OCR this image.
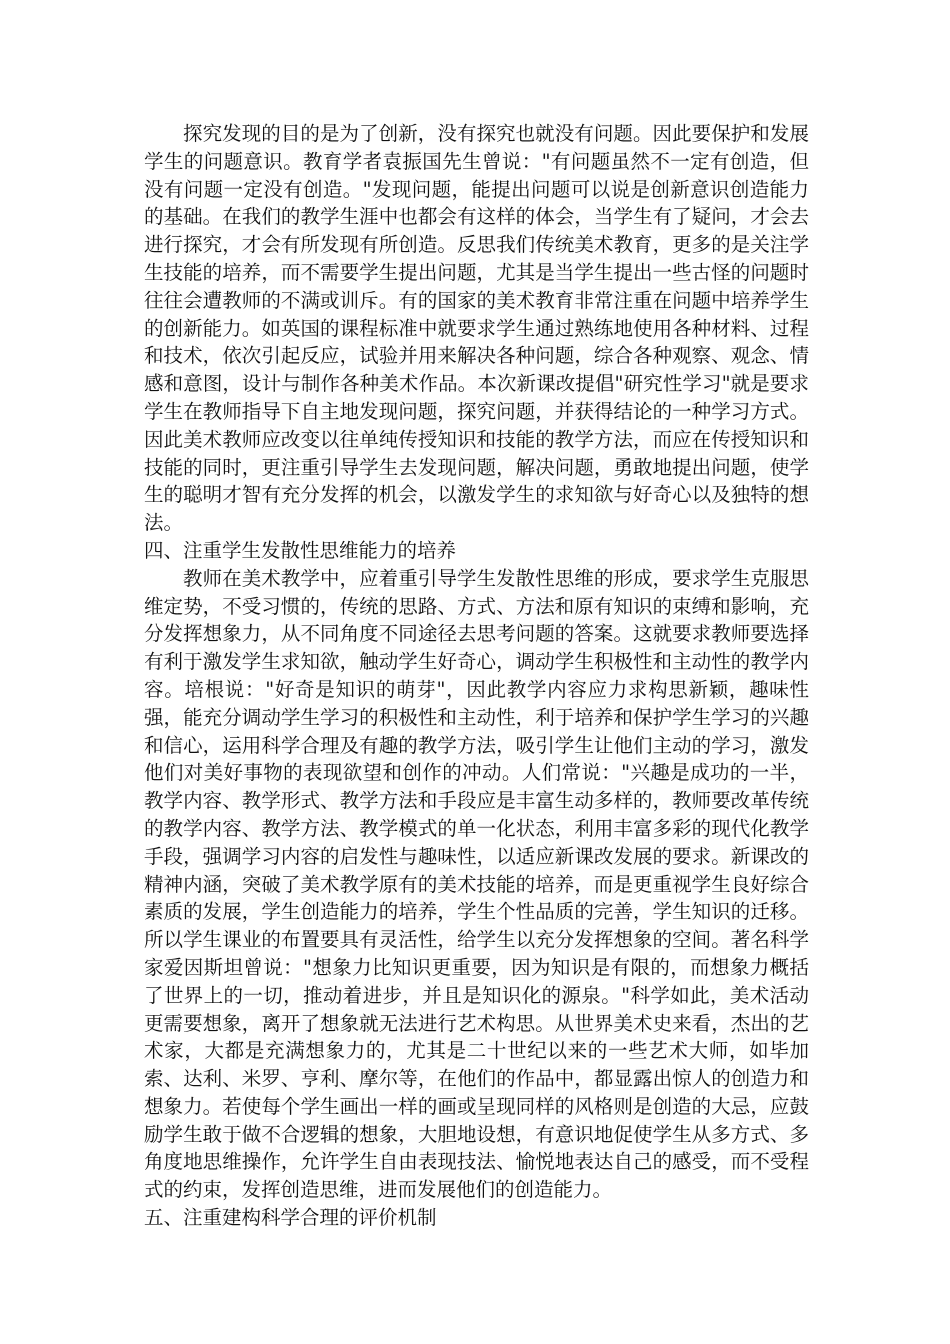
探究发现的目的是为了创新，没有探究也就没有问题。因此要保护和发展学生的问题意识。教育学者袁振国先生曾说："有问题虽然不一定有创造，但没有问题一定没有创造。"发现问题，能提出问题可以说是创新意识创造能力的基础。在我们的教学生涯中也都会有这样的体会，当学生有了疑问，才会去进行探究，才会有所发现有所创造。反思我们传统美术教育，更多的是关注学生技能的培养，而不需要学生提出问题，尤其是当学生提出一些古怪的问题时往往会遭教师的不满或训斥。有的国家的美术教育非常注重在问题中培养学生的创新能力。如英国的课程标准中就要求学生通过熟练地使用各种材料、过程和技术，依次引起反应，试验并用来解决各种问题，综合各种观察、观念、情感和意图，设计与制作各种美术作品。本次新课改提倡"研究性学习"就是要求学生在教师指导下自主地发现问题，探究问题，并获得结论的一种学习方式。因此美术教师应改变以往单纯传授知识和技能的教学方法，而应在传授知识和技能的同时，更注重引导学生去发现问题，解决问题，勇敢地提出问题，使学生的聪明才智有充分发挥的机会，以激发学生的求知欲与好奇心以及独特的想法。

四、注重学生发散性思维能力的培养

教师在美术教学中，应着重引导学生发散性思维的形成，要求学生克服思维定势，不受习惯的，传统的思路、方式、方法和原有知识的束缚和影响，充分发挥想象力，从不同角度不同途径去思考问题的答案。这就要求教师要选择有利于激发学生求知欲，触动学生好奇心，调动学生积极性和主动性的教学内容。培根说："好奇是知识的萌芽"，因此教学内容应力求构思新颖，趣味性强，能充分调动学生学习的积极性和主动性，利于培养和保护学生学习的兴趣和信心，运用科学合理及有趣的教学方法，吸引学生让他们主动的学习，激发他们对美好事物的表现欲望和创作的冲动。人们常说："兴趣是成功的一半，教学内容、教学形式、教学方法和手段应是丰富生动多样的，教师要改革传统的教学内容、教学方法、教学模式的单一化状态，利用丰富多彩的现代化教学手段，强调学习内容的启发性与趣味性，以适应新课改发展的要求。新课改的精神内涵，突破了美术教学原有的美术技能的培养，而是更重视学生良好综合素质的发展，学生创造能力的培养，学生个性品质的完善，学生知识的迁移。所以学生课业的布置要具有灵活性，给学生以充分发挥想象的空间。著名科学家爱因斯坦曾说："想象力比知识更重要，因为知识是有限的，而想象力概括了世界上的一切，推动着进步，并且是知识化的源泉。"科学如此，美术活动更需要想象，离开了想象就无法进行艺术构思。从世界美术史来看，杰出的艺术家，大都是充满想象力的，尤其是二十世纪以来的一些艺术大师，如毕加索、达利、米罗、亨利、摩尔等，在他们的作品中，都显露出惊人的创造力和想象力。若使每个学生画出一样的画或呈现同样的风格则是创造的大忌，应鼓励学生敢于做不合逻辑的想象，大胆地设想，有意识地促使学生从多方式、多角度地思维操作，允许学生自由表现技法、愉悦地表达自己的感受，而不受程式的约束，发挥创造思维，进而发展他们的创造能力。

五、注重建构科学合理的评价机制
